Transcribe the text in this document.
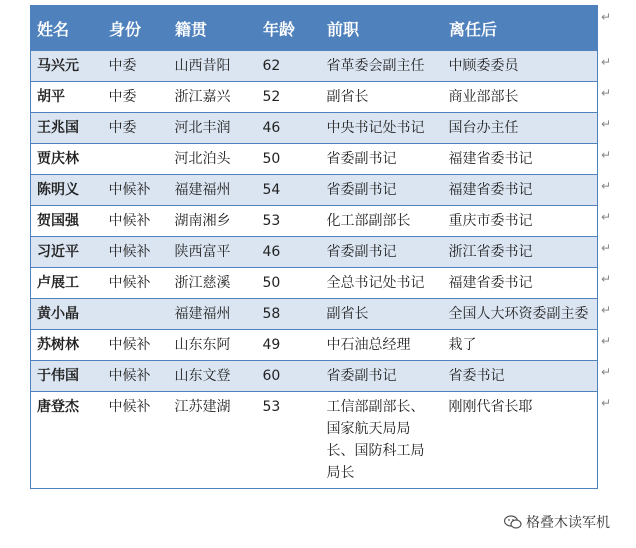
姓名	身份	籍贯	年龄	前职	离任后
马兴元	中委	山西昔阳	62	省革委会副主任	中顾委委员
胡平	中委	浙江嘉兴	52	副省长	商业部部长
王兆国	中委	河北丰润	46	中央书记处书记	国台办主任
贾庆林		河北泊头	50	省委副书记	福建省委书记
陈明义	中候补	福建福州	54	省委副书记	福建省委书记
贺国强	中候补	湖南湘乡	53	化工部副部长	重庆市委书记
习近平	中候补	陕西富平	46	省委副书记	浙江省委书记
卢展工	中候补	浙江慈溪	50	全总书记处书记	福建省委书记
黄小晶		福建福州	58	副省长	全国人大环资委副主委
苏树林	中候补	山东东阿	49	中石油总经理	栽了
于伟国	中候补	山东文登	60	省委副书记	省委书记
唐登杰	中候补	江苏建湖	53	工信部副部长、国家航天局局长、国防科工局局长	刚刚代省长耶
格叠木读军机
↵
↵
↵
↵
↵
↵
↵
↵
↵
↵
↵
↵
↵
